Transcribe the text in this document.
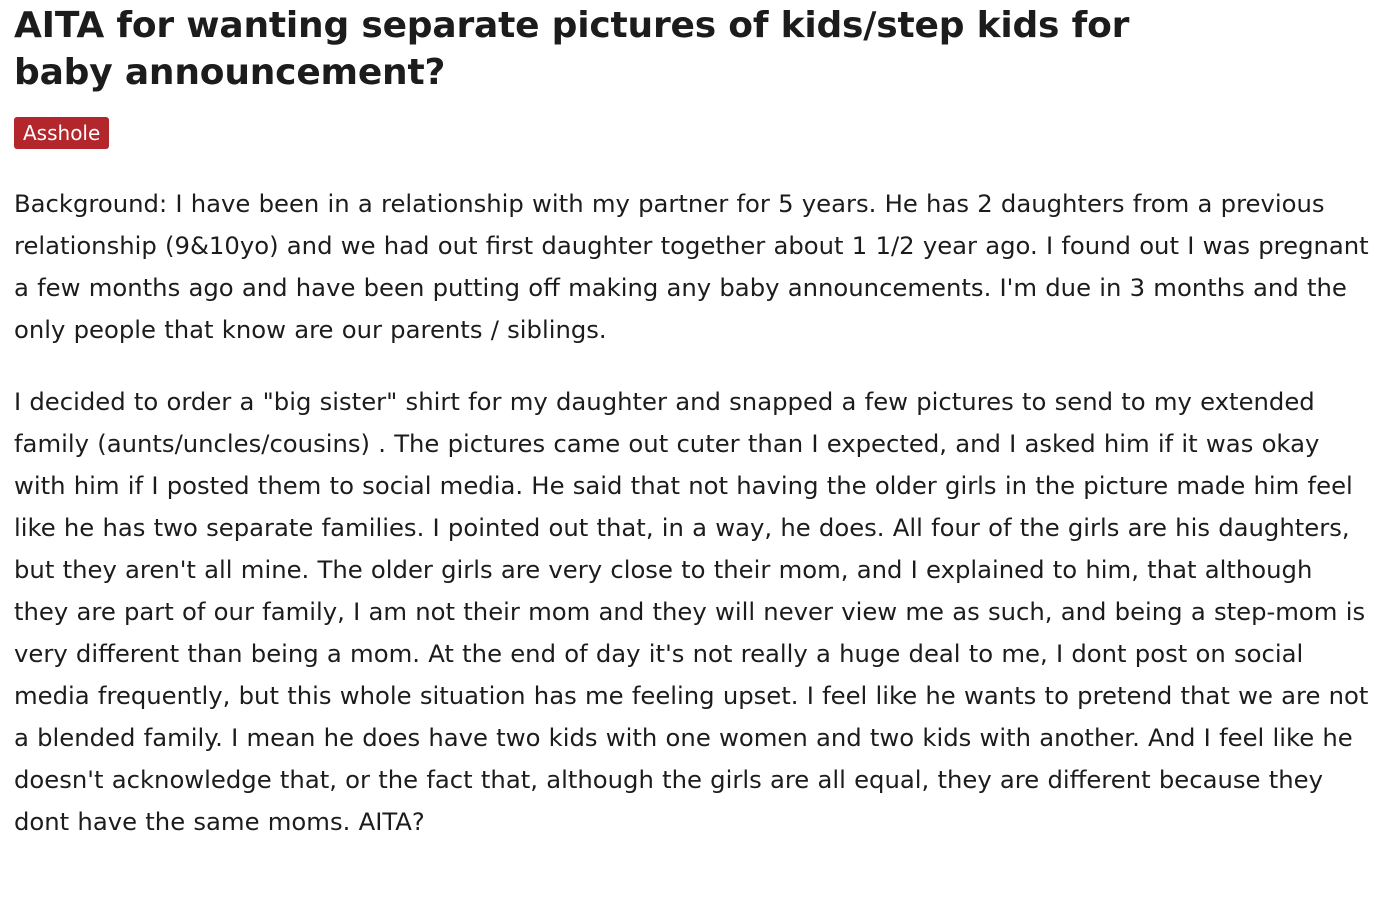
AITA for wanting separate pictures of kids/step kids for baby announcement?
Asshole

Background: I have been in a relationship with my partner for 5 years. He has 2 daughters from a previous relationship (9&10yo) and we had out first daughter together about 1 1/2 year ago. I found out I was pregnant a few months ago and have been putting off making any baby announcements. I'm due in 3 months and the only people that know are our parents / siblings.

I decided to order a "big sister" shirt for my daughter and snapped a few pictures to send to my extended family (aunts/uncles/cousins) . The pictures came out cuter than I expected, and I asked him if it was okay with him if I posted them to social media. He said that not having the older girls in the picture made him feel like he has two separate families. I pointed out that, in a way, he does. All four of the girls are his daughters, but they aren't all mine. The older girls are very close to their mom, and I explained to him, that although they are part of our family, I am not their mom and they will never view me as such, and being a step-mom is very different than being a mom. At the end of day it's not really a huge deal to me, I dont post on social media frequently, but this whole situation has me feeling upset. I feel like he wants to pretend that we are not a blended family. I mean he does have two kids with one women and two kids with another. And I feel like he doesn't acknowledge that, or the fact that, although the girls are all equal, they are different because they dont have the same moms. AITA?
